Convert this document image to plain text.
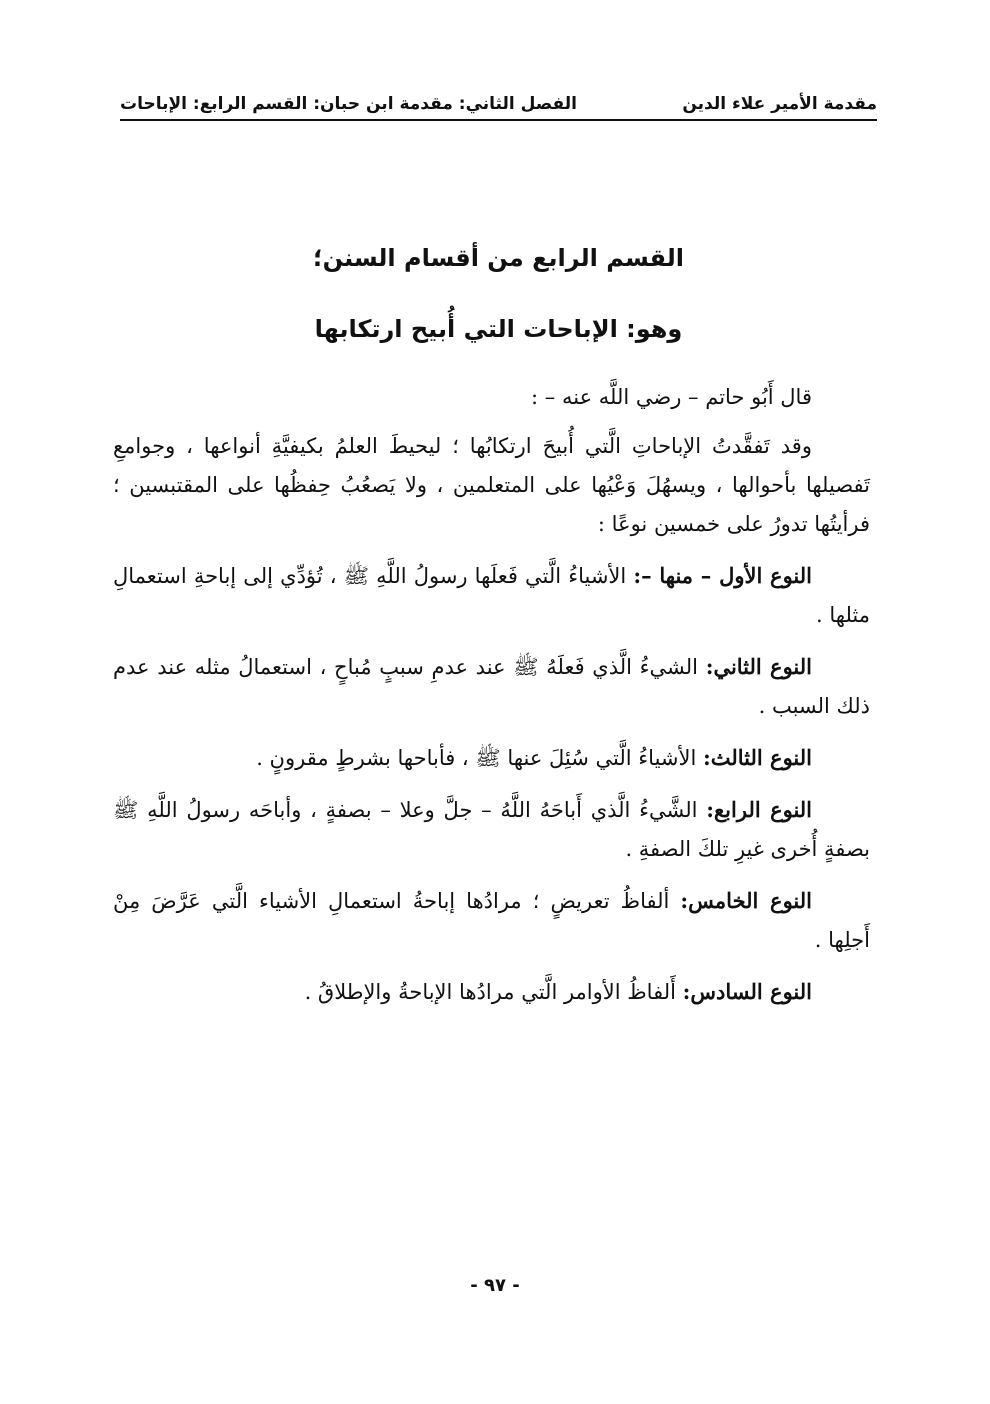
مقدمة الأمير علاء الدين
الفصل الثاني: مقدمة ابن حبان: القسم الرابع: الإباحات
القسم الرابع من أقسام السنن؛
وهو: الإباحات التي أُبيح ارتكابها

قال أَبُو حاتم – رضي اللَّه عنه – :

وقد تَفقَّدتُ الإباحاتِ الَّتي أُبيحَ ارتكابُها ؛ ليحيطَ العلمُ بكيفيَّةِ أنواعها ، وجوامعِ تَفصيلها بأحوالها ، ويسهُلَ وَعْيُها على المتعلمين ، ولا يَصعُبُ حِفظُها على المقتبسين ؛ فرأيتُها تدورُ على خمسين نوعًا :

النوع الأول – منها –: الأشياءُ الَّتي فَعلَها رسولُ اللَّهِ ﷺ ، تُؤدِّي إلى إباحةِ استعمالِ مثلها .

النوع الثاني: الشيءُ الَّذي فَعلَهُ ﷺ عند عدمِ سببٍ مُباحٍ ، استعمالُ مثله عند عدم ذلك السبب .

النوع الثالث: الأشياءُ الَّتي سُئِلَ عنها ﷺ ، فأباحها بشرطٍ مقرونٍ .

النوع الرابع: الشَّيءُ الَّذي أَباحَهُ اللَّهُ – جلَّ وعلا – بصفةٍ ، وأباحَه رسولُ اللَّهِ ﷺ بصفةٍ أُخرى غيرِ تلكَ الصفةِ .

النوع الخامس: ألفاظُ تعريضٍ ؛ مرادُها إباحةُ استعمالِ الأشياء الَّتي عَرَّضَ مِنْ أَجلِها .

النوع السادس: أَلفاظُ الأوامر الَّتي مرادُها الإباحةُ والإطلاقُ .

- ٩٧ -
